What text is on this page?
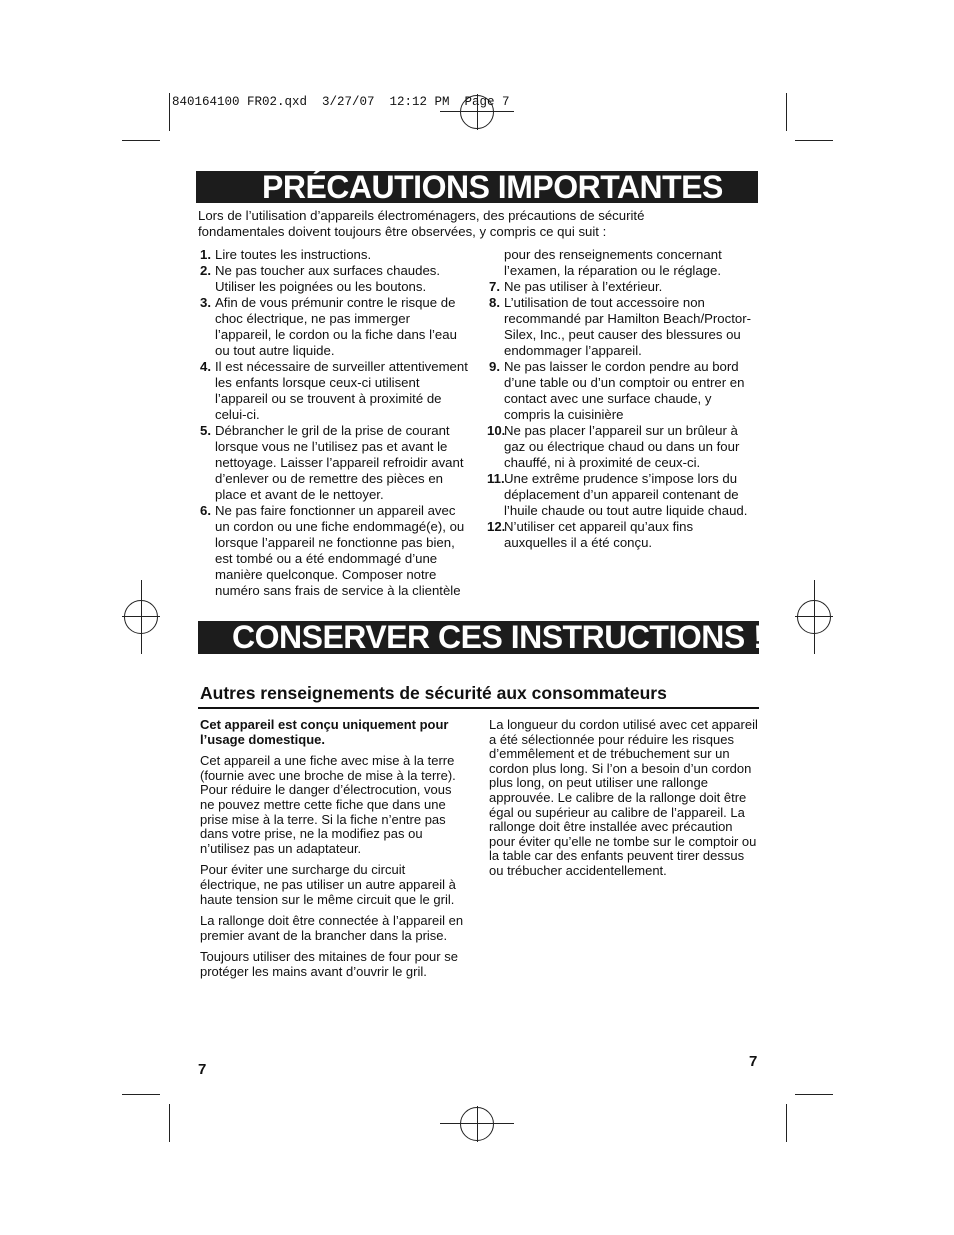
840164100 FR02.qxd  3/27/07  12:12 PM  Page 7
PRÉCAUTIONS IMPORTANTES
Lors de l’utilisation d’appareils électroménagers, des précautions de sécurité fondamentales doivent toujours être observées, y compris ce qui suit :
1. Lire toutes les instructions.
2. Ne pas toucher aux surfaces chaudes. Utiliser les poignées ou les boutons.
3. Afin de vous prémunir contre le risque de choc électrique, ne pas immerger l’appareil, le cordon ou la fiche dans l’eau ou tout autre liquide.
4. Il est nécessaire de surveiller attentivement les enfants lorsque ceux-ci utilisent l’appareil ou se trouvent à proximité de celui-ci.
5. Débrancher le gril de la prise de courant lorsque vous ne l’utilisez pas et avant le nettoyage. Laisser l’appareil refroidir avant d’enlever ou de remettre des pièces en place et avant de le nettoyer.
6. Ne pas faire fonctionner un appareil avec un cordon ou une fiche endommagé(e), ou lorsque l’appareil ne fonctionne pas bien, est tombé ou a été endommagé d’une manière quelconque. Composer notre numéro sans frais de service à la clientèle
pour des renseignements concernant l’examen, la réparation ou le réglage.
7. Ne pas utiliser à l’extérieur.
8. L’utilisation de tout accessoire non recommandé par Hamilton Beach/Proctor-Silex, Inc., peut causer des blessures ou endommager l’appareil.
9. Ne pas laisser le cordon pendre au bord d’une table ou d’un comptoir ou entrer en contact avec une surface chaude, y compris la cuisinière
10.
Ne pas placer l’appareil sur un brûleur à gaz ou électrique chaud ou dans un four chauffé, ni à proximité de ceux-ci.
11. Une extrême prudence s’impose lors du déplacement d’un appareil contenant de l’huile chaude ou tout autre liquide chaud.
12.
N’utiliser cet appareil qu’aux fins auxquelles il a été conçu.
CONSERVER CES INSTRUCTIONS !
Autres renseignements de sécurité aux consommateurs

Cet appareil est conçu uniquement pour l’usage domestique.

Cet appareil a une fiche avec mise à la terre (fournie avec une broche de mise à la terre). Pour réduire le danger d’électrocution, vous ne pouvez mettre cette fiche que dans une prise mise à la terre. Si la fiche n’entre pas dans votre prise, ne la modifiez pas ou n’utilisez pas un adaptateur.

Pour éviter une surcharge du circuit électrique, ne pas utiliser un autre appareil à haute tension sur le même circuit que le gril.

La rallonge doit être connectée à l’appareil en premier avant de la brancher dans la prise.

Toujours utiliser des mitaines de four pour se protéger les mains avant d’ouvrir le gril.

La longueur du cordon utilisé avec cet appareil a été sélectionnée pour réduire les risques d’emmêlement et de trébuchement sur un cordon plus long. Si l’on a besoin d’un cordon plus long, on peut utiliser une rallonge approuvée. Le calibre de la rallonge doit être égal ou supérieur au calibre de l’appareil. La rallonge doit être installée avec précaution pour éviter qu’elle ne tombe sur le comptoir ou la table car des enfants peuvent tirer dessus ou trébucher accidentellement.

7	7
